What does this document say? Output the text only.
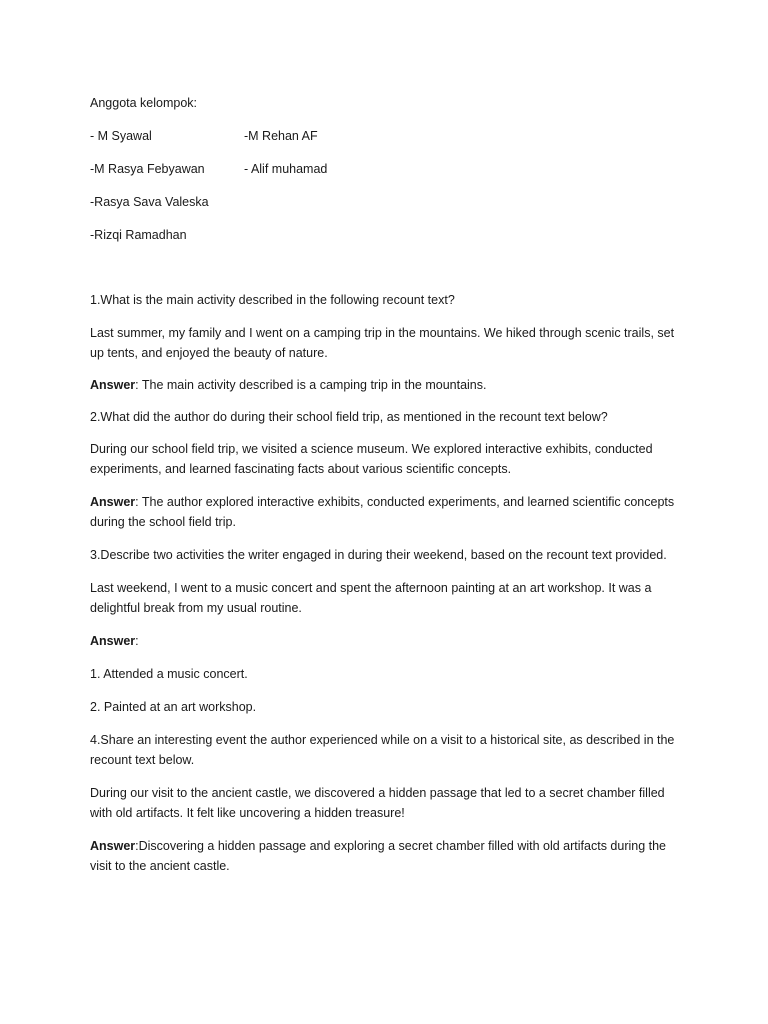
Anggota kelompok:

- M Syawal	-M Rehan AF
-M Rasya Febyawan	- Alif muhamad

-Rasya Sava Valeska

-Rizqi Ramadhan

1.What is the main activity described in the following recount text?

Last summer, my family and I went on a camping trip in the mountains. We hiked through scenic trails, set up tents, and enjoyed the beauty of nature.

Answer: The main activity described is a camping trip in the mountains.

2.What did the author do during their school field trip, as mentioned in the recount text below?

During our school field trip, we visited a science museum. We explored interactive exhibits, conducted experiments, and learned fascinating facts about various scientific concepts.

Answer: The author explored interactive exhibits, conducted experiments, and learned scientific concepts during the school field trip.

3.Describe two activities the writer engaged in during their weekend, based on the recount text provided.

Last weekend, I went to a music concert and spent the afternoon painting at an art workshop. It was a delightful break from my usual routine.

Answer:

1. Attended a music concert.

2. Painted at an art workshop.

4.Share an interesting event the author experienced while on a visit to a historical site, as described in the recount text below.

During our visit to the ancient castle, we discovered a hidden passage that led to a secret chamber filled with old artifacts. It felt like uncovering a hidden treasure!

Answer:Discovering a hidden passage and exploring a secret chamber filled with old artifacts during the visit to the ancient castle.
